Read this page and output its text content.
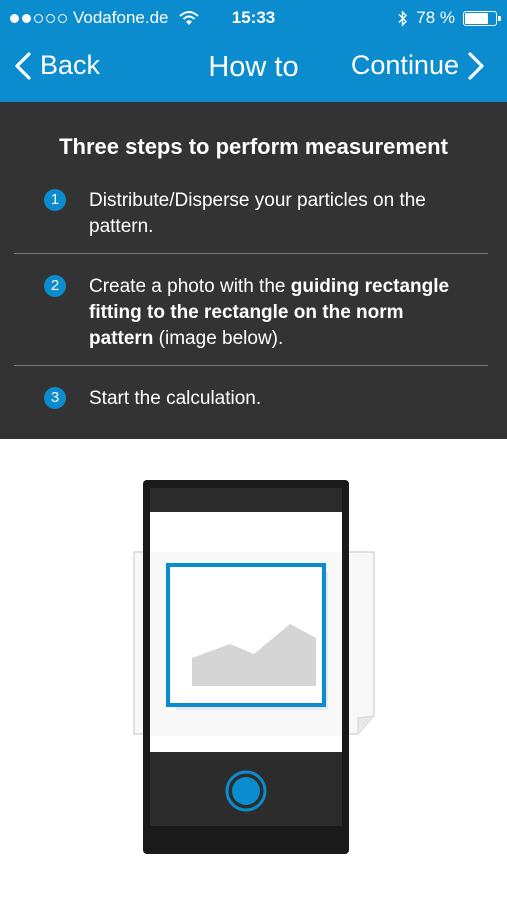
Vodafone.de	15:33	78 %
Back	How to	Continue
Three steps to perform measurement
1	Distribute/Disperse your particles on the pattern.
2	Create a photo with the guiding rectangle fitting to the rectangle on the norm pattern (image below).
3	Start the calculation.
